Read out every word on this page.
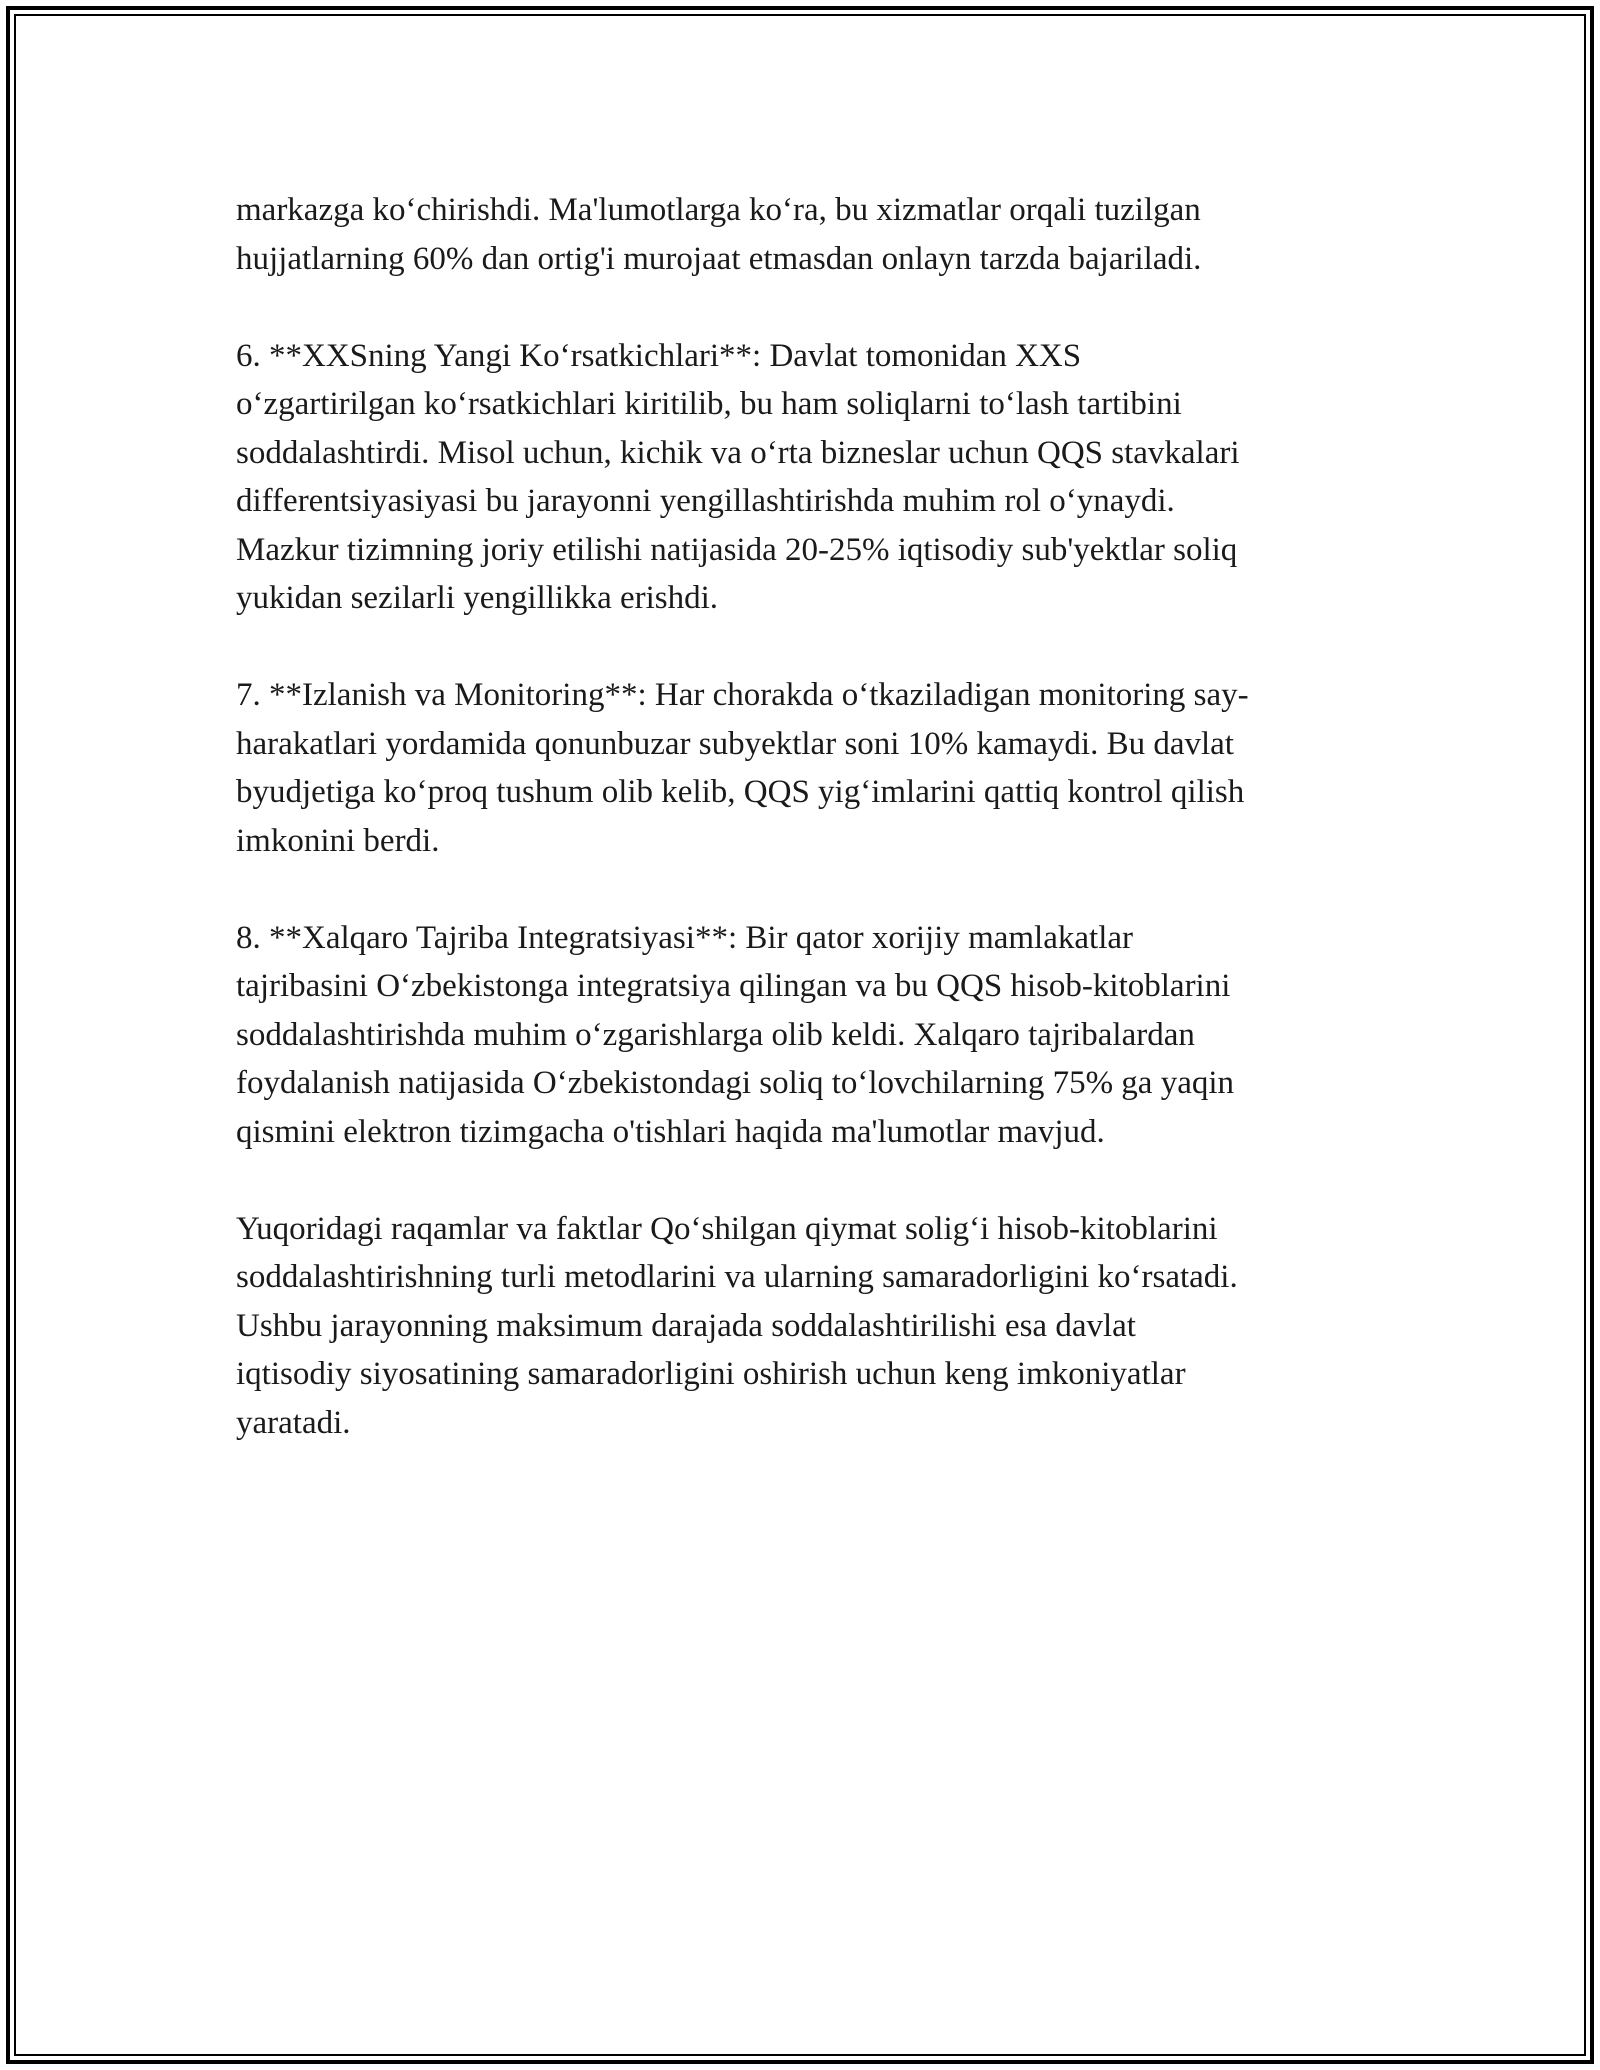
markazga koʻchirishdi. Ma'lumotlarga koʻra, bu xizmatlar orqali tuzilgan
hujjatlarning 60% dan ortig'i murojaat etmasdan onlayn tarzda bajariladi.

6. **XXSning Yangi Koʻrsatkichlari**: Davlat tomonidan XXS
oʻzgartirilgan koʻrsatkichlari kiritilib, bu ham soliqlarni toʻlash tartibini
soddalashtirdi. Misol uchun, kichik va oʻrta bizneslar uchun QQS stavkalari
differentsiyasiyasi bu jarayonni yengillashtirishda muhim rol oʻynaydi.
Mazkur tizimning joriy etilishi natijasida 20-25% iqtisodiy sub'yektlar soliq
yukidan sezilarli yengillikka erishdi.

7. **Izlanish va Monitoring**: Har chorakda oʻtkaziladigan monitoring say-
harakatlari yordamida qonunbuzar subyektlar soni 10% kamaydi. Bu davlat
byudjetiga koʻproq tushum olib kelib, QQS yigʻimlarini qattiq kontrol qilish
imkonini berdi.

8. **Xalqaro Tajriba Integratsiyasi**: Bir qator xorijiy mamlakatlar
tajribasini Oʻzbekistonga integratsiya qilingan va bu QQS hisob-kitoblarini
soddalashtirishda muhim oʻzgarishlarga olib keldi. Xalqaro tajribalardan
foydalanish natijasida Oʻzbekistondagi soliq toʻlovchilarning 75% ga yaqin
qismini elektron tizimgacha o'tishlari haqida ma'lumotlar mavjud.

Yuqoridagi raqamlar va faktlar Qoʻshilgan qiymat soligʻi hisob-kitoblarini
soddalashtirishning turli metodlarini va ularning samaradorligini koʻrsatadi.
Ushbu jarayonning maksimum darajada soddalashtirilishi esa davlat
iqtisodiy siyosatining samaradorligini oshirish uchun keng imkoniyatlar
yaratadi.
